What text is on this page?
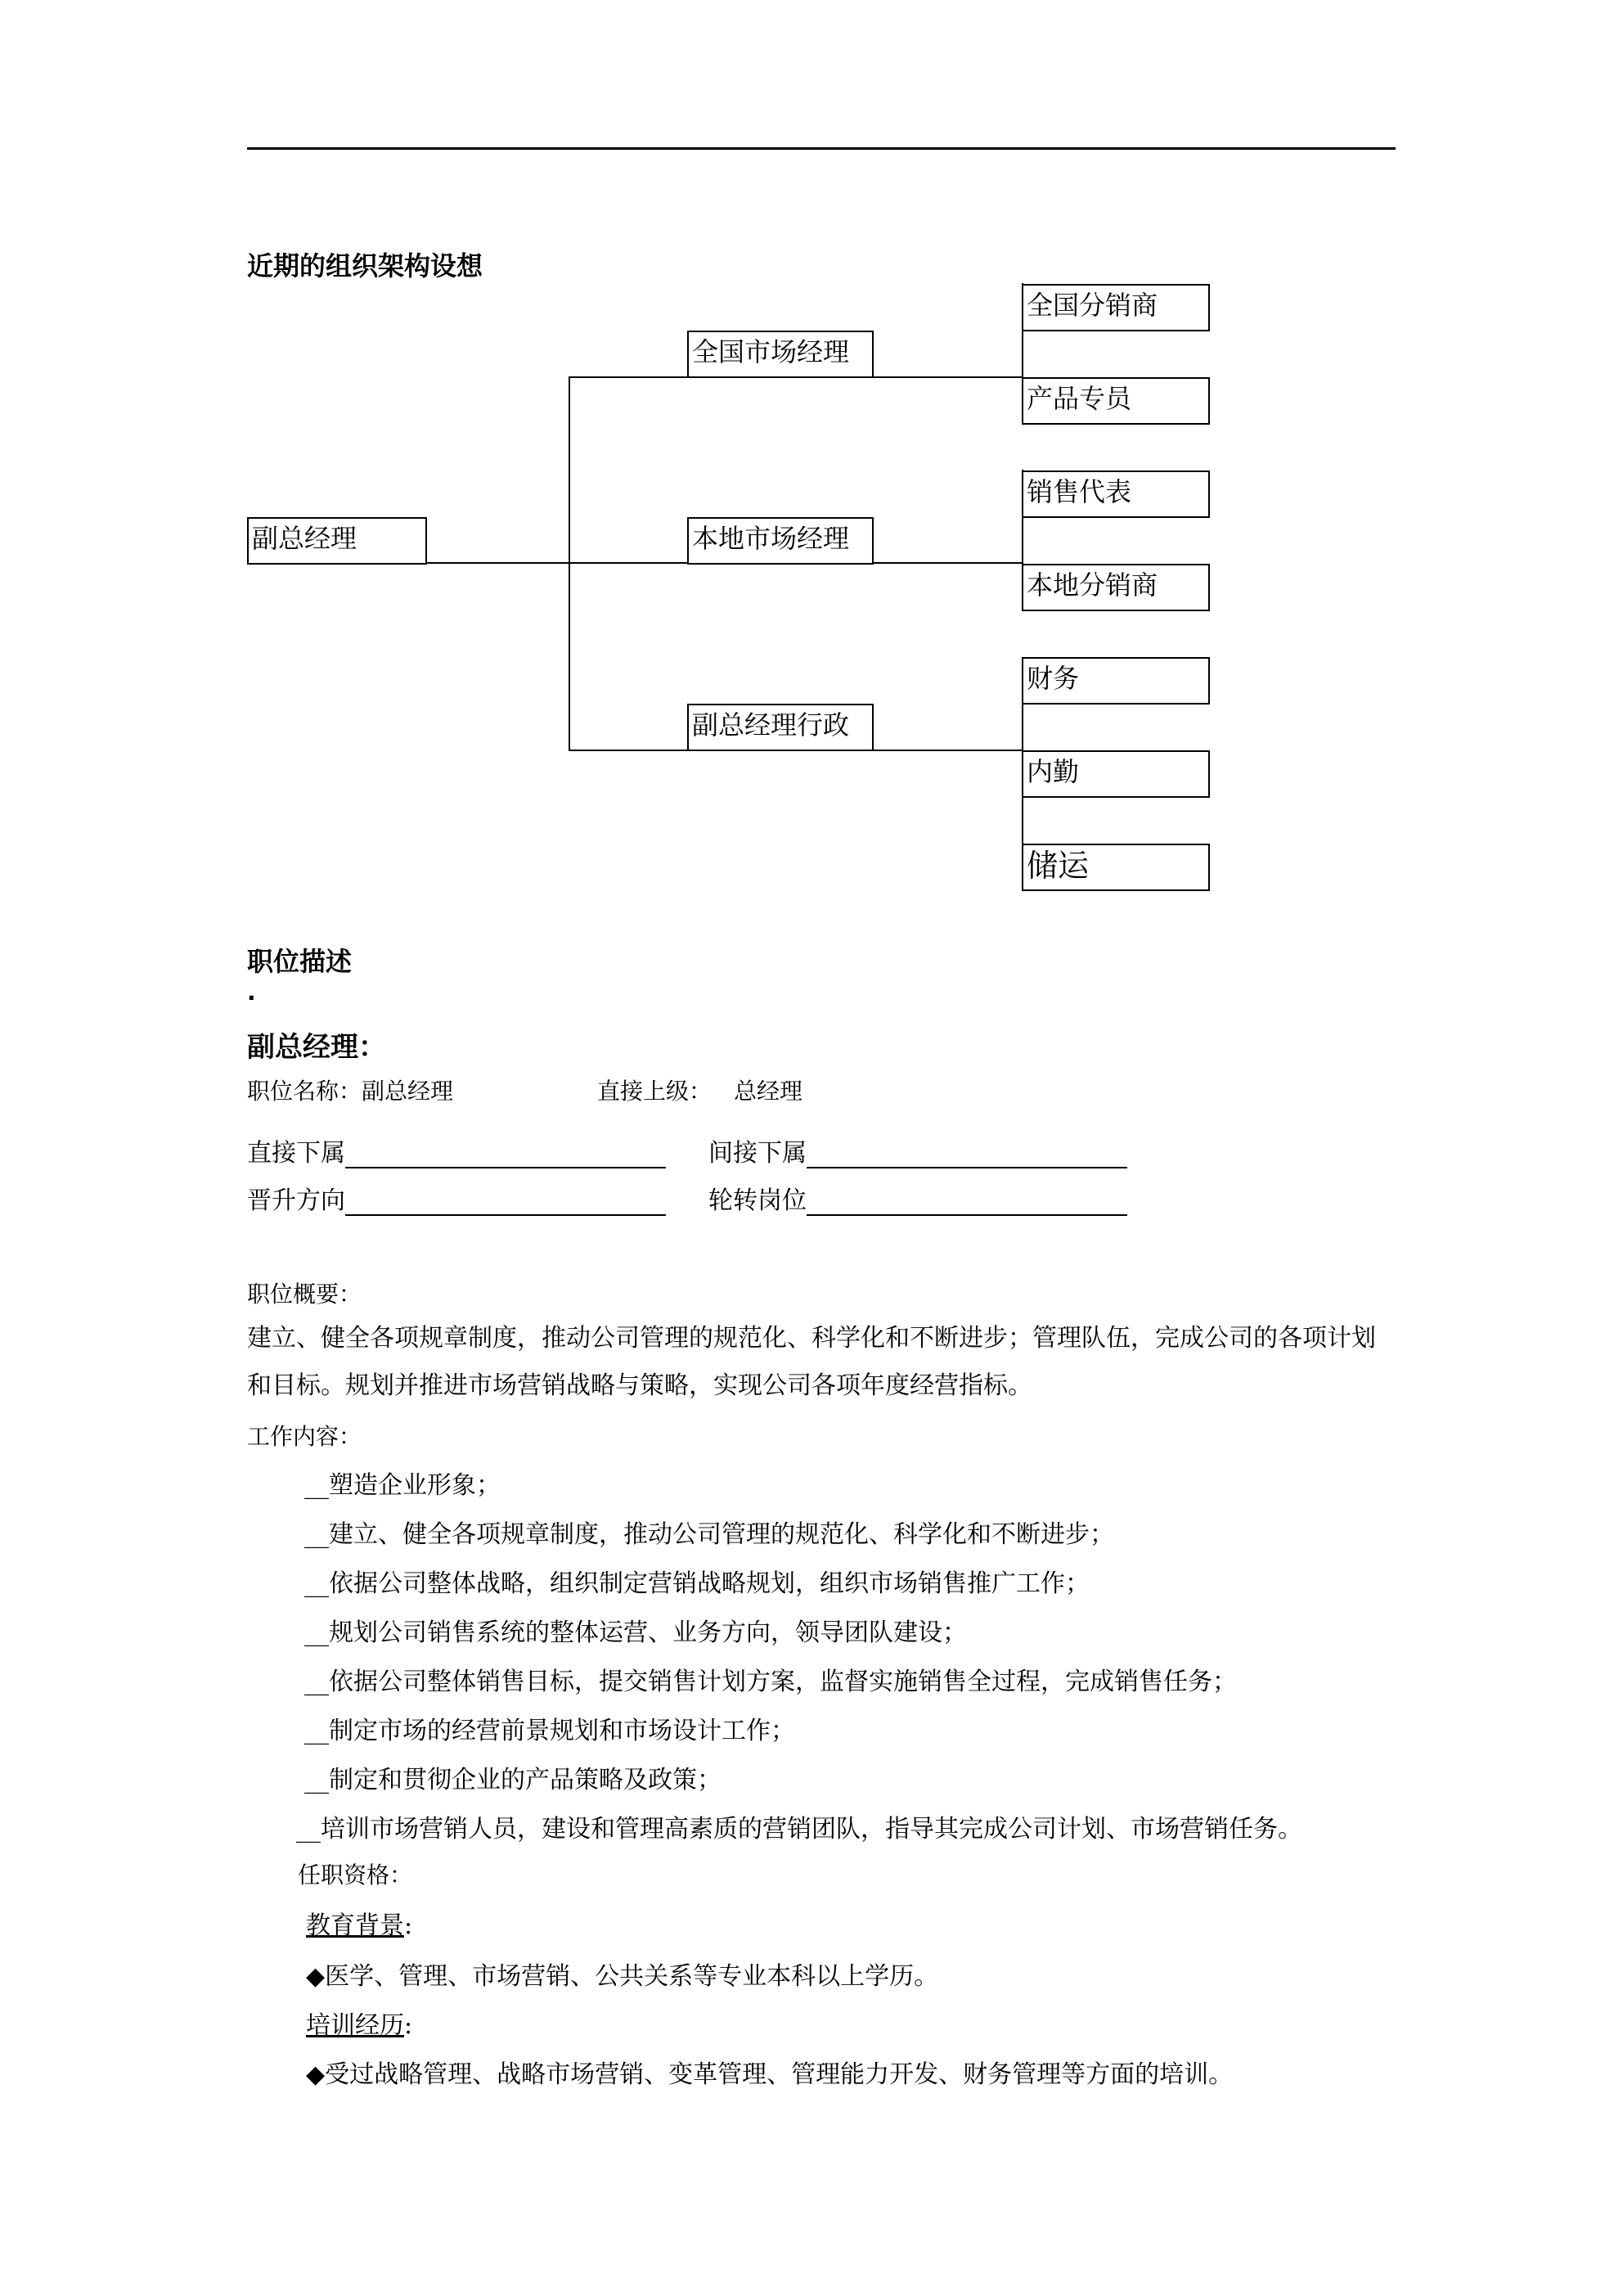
近期的组织架构设想
副总经理
全国市场经理
本地市场经理
副总经理行政
全国分销商
产品专员
销售代表
本地分销商
财务
内勤
储运
职位描述
.
副总经理：
职位名称：副总经理	直接上级： 总经理
直接下属	间接下属
晋升方向	轮转岗位
职位概要：
建立、健全各项规章制度，推动公司管理的规范化、科学化和不断进步；管理队伍，完成公司的各项计划和目标。规划并推进市场营销战略与策略，实现公司各项年度经营指标。
工作内容：
__塑造企业形象；
__建立、健全各项规章制度，推动公司管理的规范化、科学化和不断进步；
__依据公司整体战略，组织制定营销战略规划，组织市场销售推广工作；
__规划公司销售系统的整体运营、业务方向，领导团队建设；
__依据公司整体销售目标，提交销售计划方案，监督实施销售全过程，完成销售任务；
__制定市场的经营前景规划和市场设计工作；
__制定和贯彻企业的产品策略及政策；
__培训市场营销人员，建设和管理高素质的营销团队，指导其完成公司计划、市场营销任务。
任职资格：
教育背景:
◆医学、管理、市场营销、公共关系等专业本科以上学历。
培训经历:
◆受过战略管理、战略市场营销、变革管理、管理能力开发、财务管理等方面的培训。
